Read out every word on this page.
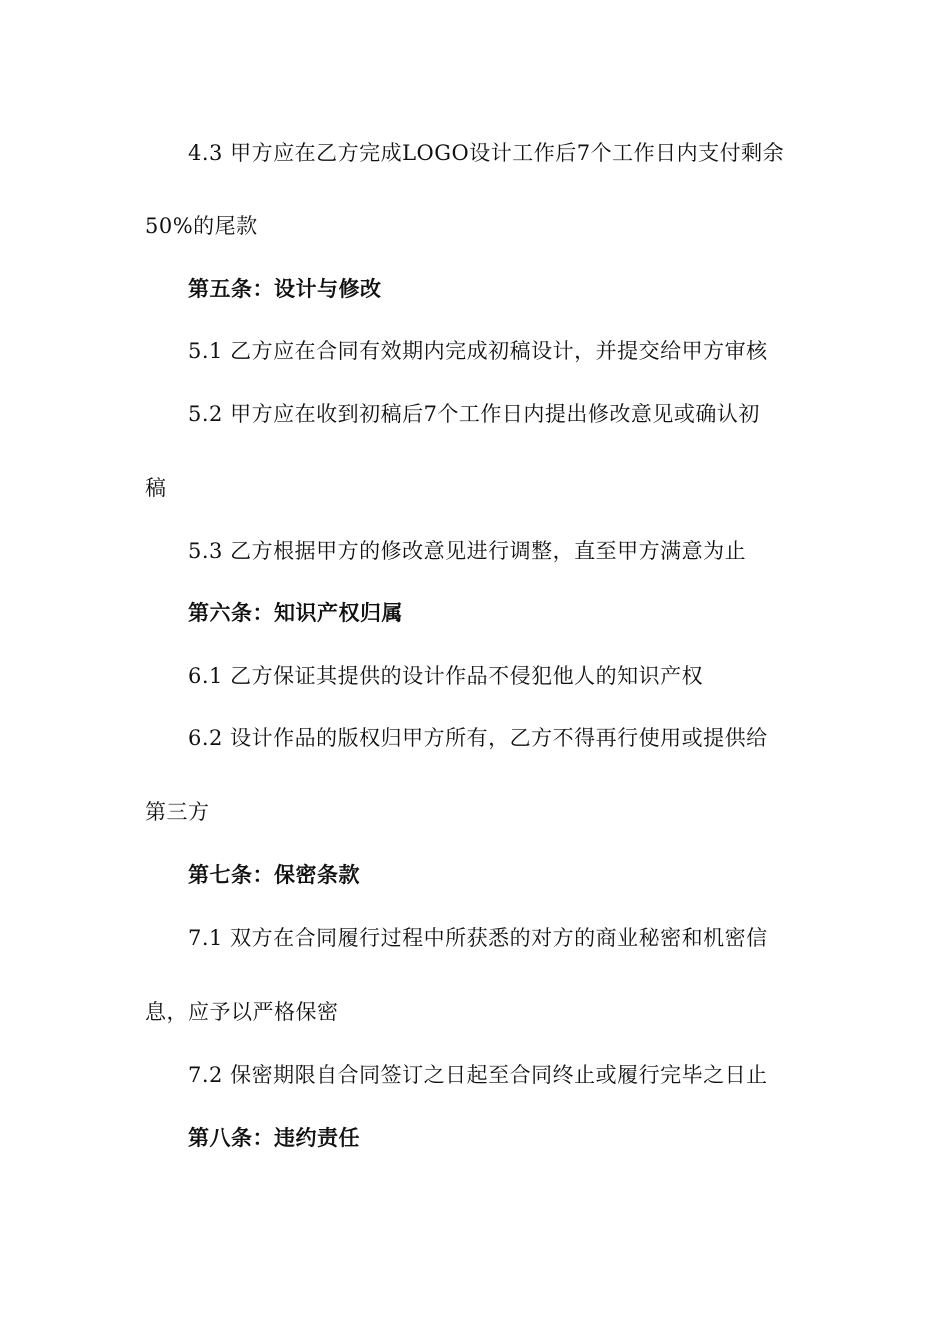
4.3 甲方应在乙方完成LOGO设计工作后7个工作日内支付剩余
50%的尾款
第五条：设计与修改
5.1 乙方应在合同有效期内完成初稿设计，并提交给甲方审核
5.2 甲方应在收到初稿后7个工作日内提出修改意见或确认初
稿
5.3 乙方根据甲方的修改意见进行调整，直至甲方满意为止
第六条：知识产权归属
6.1 乙方保证其提供的设计作品不侵犯他人的知识产权
6.2 设计作品的版权归甲方所有，乙方不得再行使用或提供给
第三方
第七条：保密条款
7.1 双方在合同履行过程中所获悉的对方的商业秘密和机密信
息，应予以严格保密
7.2 保密期限自合同签订之日起至合同终止或履行完毕之日止
第八条：违约责任
